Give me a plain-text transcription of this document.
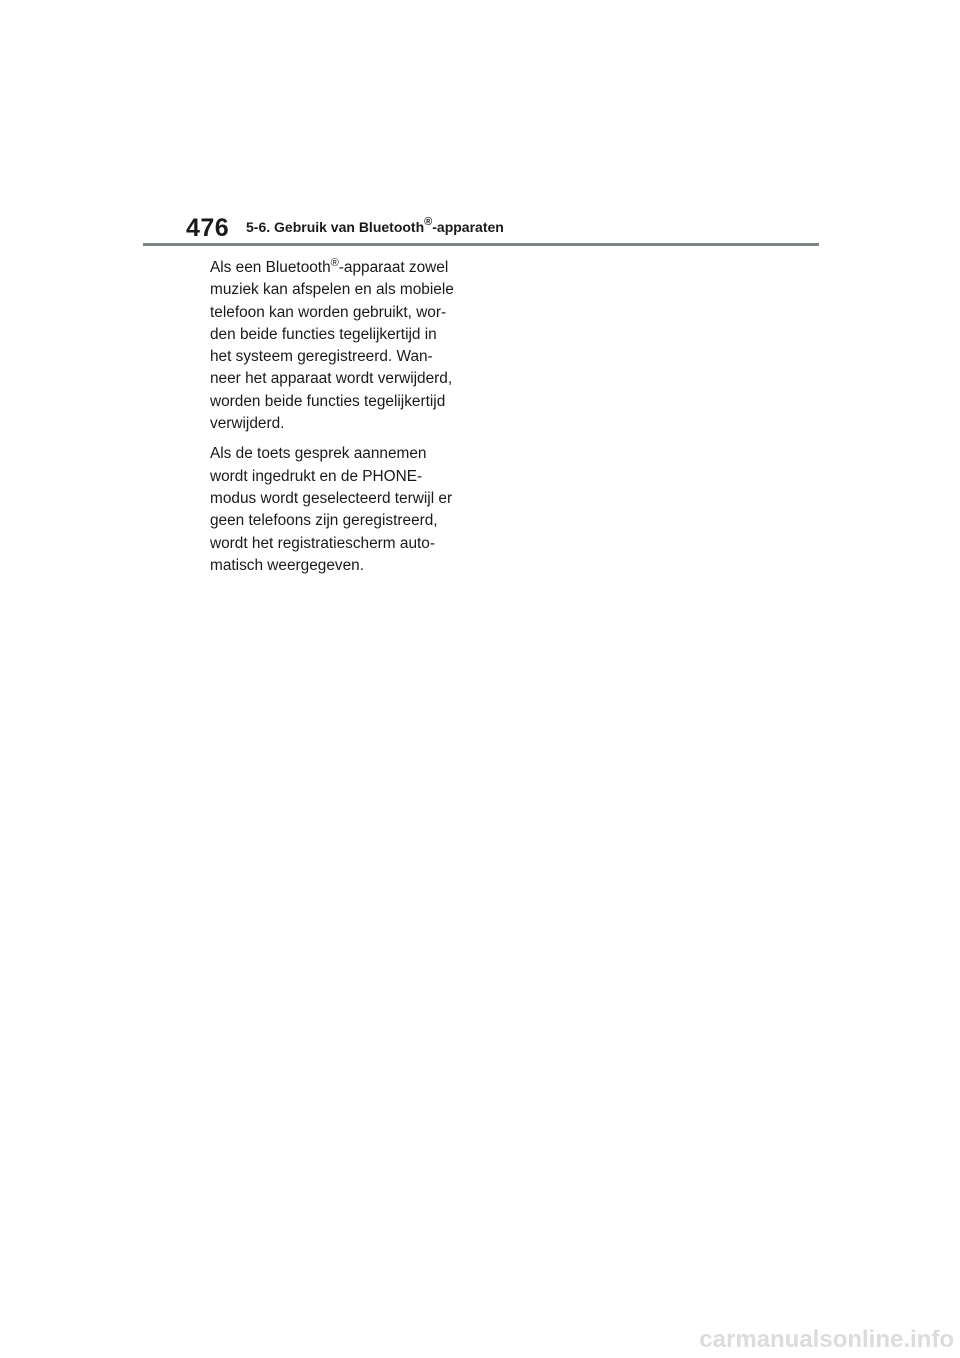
476 5-6. Gebruik van Bluetooth®-apparaten

Als een Bluetooth®-apparaat zowel
muziek kan afspelen en als mobiele
telefoon kan worden gebruikt, wor-
den beide functies tegelijkertijd in
het systeem geregistreerd. Wan-
neer het apparaat wordt verwijderd,
worden beide functies tegelijkertijd
verwijderd.

Als de toets gesprek aannemen
wordt ingedrukt en de PHONE-
modus wordt geselecteerd terwijl er
geen telefoons zijn geregistreerd,
wordt het registratiescherm auto-
matisch weergegeven.

carmanualsonline.info
